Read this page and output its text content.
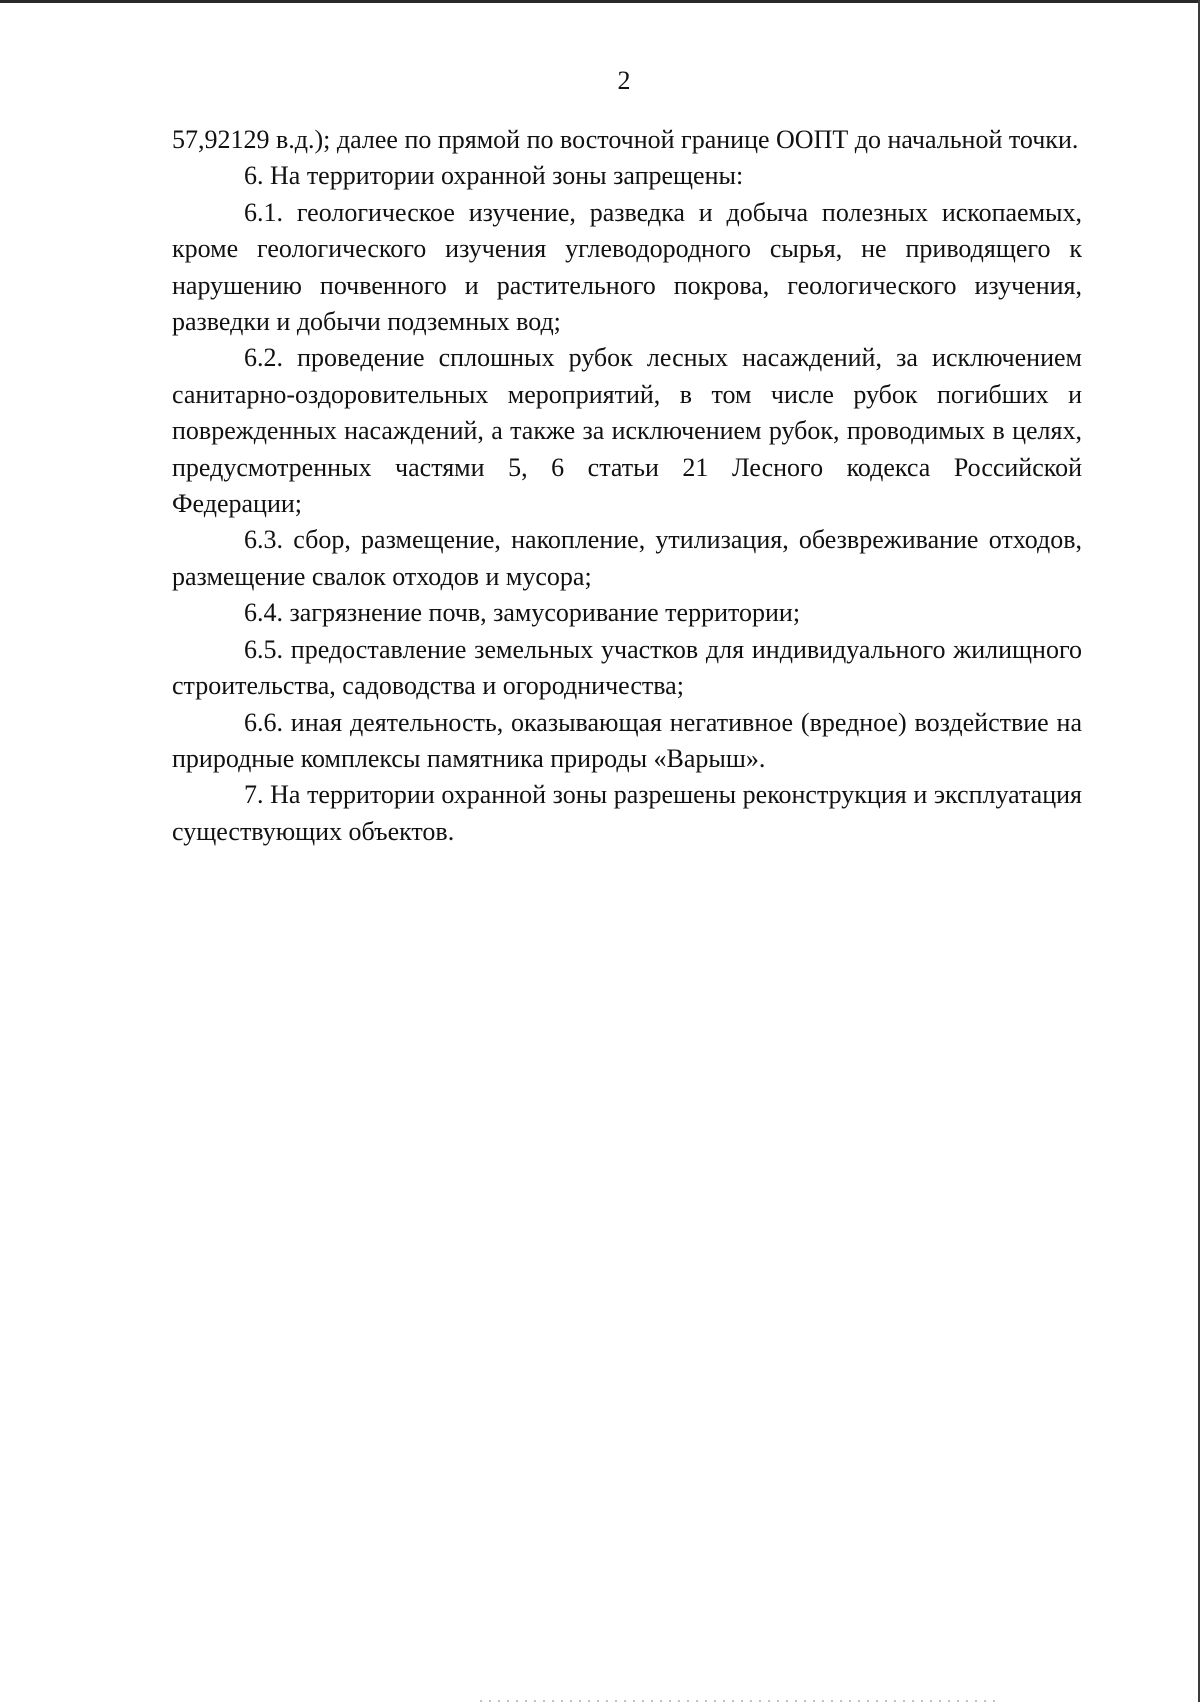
2

57,92129 в.д.); далее по прямой по восточной границе ООПТ до начальной точки.

6. На территории охранной зоны запрещены:

6.1. геологическое изучение, разведка и добыча полезных ископаемых, кроме геологического изучения углеводородного сырья, не приводящего к нарушению почвенного и растительного покрова, геологического изучения, разведки и добычи подземных вод;

6.2. проведение сплошных рубок лесных насаждений, за исключением санитарно-оздоровительных мероприятий, в том числе рубок погибших и поврежденных насаждений, а также за исключением рубок, проводимых в целях, предусмотренных частями 5, 6 статьи 21 Лесного кодекса Российской Федерации;

6.3. сбор, размещение, накопление, утилизация, обезвреживание отходов, размещение свалок отходов и мусора;

6.4. загрязнение почв, замусоривание территории;

6.5. предоставление земельных участков для индивидуального жилищного строительства, садоводства и огородничества;

6.6. иная деятельность, оказывающая негативное (вредное) воздействие на природные комплексы памятника природы «Варыш».

7. На территории охранной зоны разрешены реконструкция и эксплуатация существующих объектов.
